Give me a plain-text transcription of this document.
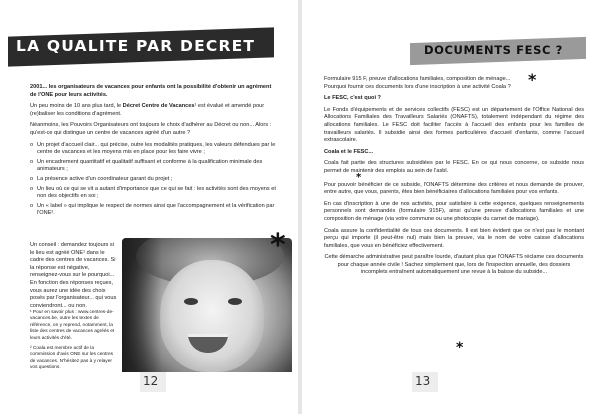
LA QUALITE PAR DECRET

2001... les organisateurs de vacances pour enfants ont la possibilité d'obtenir un agrément de l'ONE pour leurs activités.

Un peu moins de 10 ans plus tard, le Décret Centre de Vacances¹ est évalué et amendé pour (re)baliser les conditions d'agrément.

Néanmoins, les Pouvoirs Organisateurs ont toujours le choix d'adhérer au Décret ou non... Alors : qu'est-ce qui distingue un centre de vacances agréé d'un autre ?

o Un projet d'accueil clair... qui précise, outre les modalités pratiques, les valeurs défendues par le centre de vacances et les moyens mis en place pour les faire vivre ;
o Un encadrement quantitatif et qualitatif suffisant et conforme à la qualification minimale des animateurs ;
o La présence active d'un coordinateur garant du projet ;
o Un lieu où ce qui se vit a autant d'importance que ce qui se fait : les activités sont des moyens et non des objectifs en soi ;
o Un « label » qui implique le respect de normes ainsi que l'accompagnement et la vérification par l'ONE².

Un conseil : demandez toujours si le lieu est agréé ONE¹ dans le cadre des centres de vacances. Si la réponse est négative, renseignez-vous sur le pourquoi... En fonction des réponses reçues, vous aurez une idée des choix posés par l'organisateur... qui vous conviendront... ou non.

¹ Pour en savoir plus : www.centres-de-vacances.be, outre les textes de référence, on y reprend, notamment, la liste des centres de vacances agréés et leurs activités d'été.

² Coala est membre actif de la commission d'avis ONE sur les centres de vacances. N'hésitez pas à y relayer vos questions.

*
12
DOCUMENTS FESC ?
*

Formulaire 915 F, preuve d'allocations familiales, composition de ménage... Pourquoi fournir ces documents lors d'une inscription à une activité Coala ?

Le FESC, c'est quoi ?

Le Fonds d'équipements et de services collectifs (FESC) est un département de l'Office National des Allocations Familiales des Travailleurs Salariés (ONAFTS), totalement indépendant du régime des allocations familiales. Le FESC doit faciliter l'accès à l'accueil des enfants pour les familles de travailleurs salariés. Il subsidie ainsi des formes particulières d'accueil d'enfants, comme l'accueil extrascolaire.

Coala et le FESC...

Coala fait partie des structures subsidiées par le FESC. En ce qui nous concerne, ce subside nous permet de maintenir des emplois au sein de l'asbl.

Pour pouvoir bénéficier de ce subside, l'ONAFTS détermine des critères et nous demande de prouver, entre autre, que vous, parents, êtes bien bénéficiaires d'allocations familiales pour vos enfants.

En cas d'inscription à une de nos activités, pour satisfaire à cette exigence, quelques renseignements personnels sont demandés (formulaire 915F), ainsi qu'une preuve d'allocations familiales et une composition de ménage (via votre commune ou une photocopie du carnet de mariage).

Coala assure la confidentialité de tous ces documents. Il est bien évident que ce n'est pas le montant perçu qui importe (il peut-être nul) mais bien la preuve, via le nom de votre caisse d'allocations familiales, que vous en bénéficiez effectivement.

Cette démarche administrative peut paraître lourde, d'autant plus que l'ONAFTS réclame ces documents pour chaque année civile ! Sachez simplement que, lors de l'inspection annuelle, des dossiers incomplets entraînent automatiquement une revue à la baisse du subside...

*
*
13
